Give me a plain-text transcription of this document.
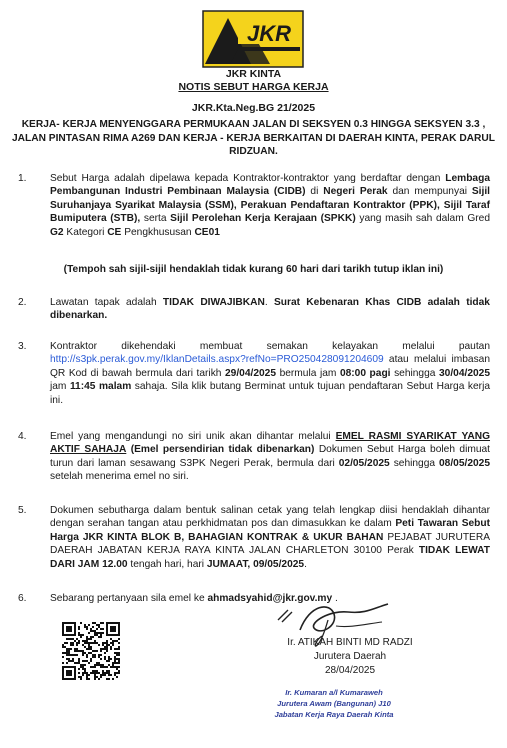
JKR
JKR KINTA
NOTIS SEBUT HARGA KERJA
JKR.Kta.Neg.BG 21/2025
KERJA- KERJA MENYENGGARA PERMUKAAN JALAN DI SEKSYEN 0.3 HINGGA SEKSYEN 3.3 , JALAN PINTASAN RIMA A269 DAN KERJA - KERJA BERKAITAN DI DAERAH KINTA, PERAK DARUL RIDZUAN.
1. Sebut Harga adalah dipelawa kepada Kontraktor-kontraktor yang berdaftar dengan Lembaga Pembangunan Industri Pembinaan Malaysia (CIDB) di Negeri Perak dan mempunyai Sijil Suruhanjaya Syarikat Malaysia (SSM), Perakuan Pendaftaran Kontraktor (PPK), Sijil Taraf Bumiputera (STB), serta Sijil Perolehan Kerja Kerajaan (SPKK) yang masih sah dalam Gred G2 Kategori CE Pengkhususan CE01
(Tempoh sah sijil-sijil hendaklah tidak kurang 60 hari dari tarikh tutup iklan ini)
2. Lawatan tapak adalah TIDAK DIWAJIBKAN. Surat Kebenaran Khas CIDB adalah tidak dibenarkan.
3. Kontraktor dikehendaki membuat semakan kelayakan melalui pautan http://s3pk.perak.gov.my/IklanDetails.aspx?refNo=PRO250428091204609 atau melalui imbasan QR Kod di bawah bermula dari tarikh 29/04/2025 bermula jam 08:00 pagi sehingga 30/04/2025 jam 11:45 malam sahaja. Sila klik butang Berminat untuk tujuan pendaftaran Sebut Harga kerja ini.
4. Emel yang mengandungi no siri unik akan dihantar melalui EMEL RASMI SYARIKAT YANG AKTIF SAHAJA (Emel persendirian tidak dibenarkan) Dokumen Sebut Harga boleh dimuat turun dari laman sesawang S3PK Negeri Perak, bermula dari 02/05/2025 sehingga 08/05/2025 setelah menerima emel no siri.
5. Dokumen sebutharga dalam bentuk salinan cetak yang telah lengkap diisi hendaklah dihantar dengan serahan tangan atau perkhidmatan pos dan dimasukkan ke dalam Peti Tawaran Sebut Harga JKR KINTA BLOK B, BAHAGIAN KONTRAK & UKUR BAHAN PEJABAT JURUTERA DAERAH JABATAN KERJA RAYA KINTA JALAN CHARLETON 30100 Perak TIDAK LEWAT DARI JAM 12.00 tengah hari, hari JUMAAT, 09/05/2025.
6. Sebarang pertanyaan sila emel ke ahmadsyahid@jkr.gov.my .
Ir. ATIKAH BINTI MD RADZI
Jurutera Daerah
28/04/2025
Ir. Kumaran a/l Kumaraweh
Jurutera Awam (Bangunan) J10
Jabatan Kerja Raya Daerah Kinta
